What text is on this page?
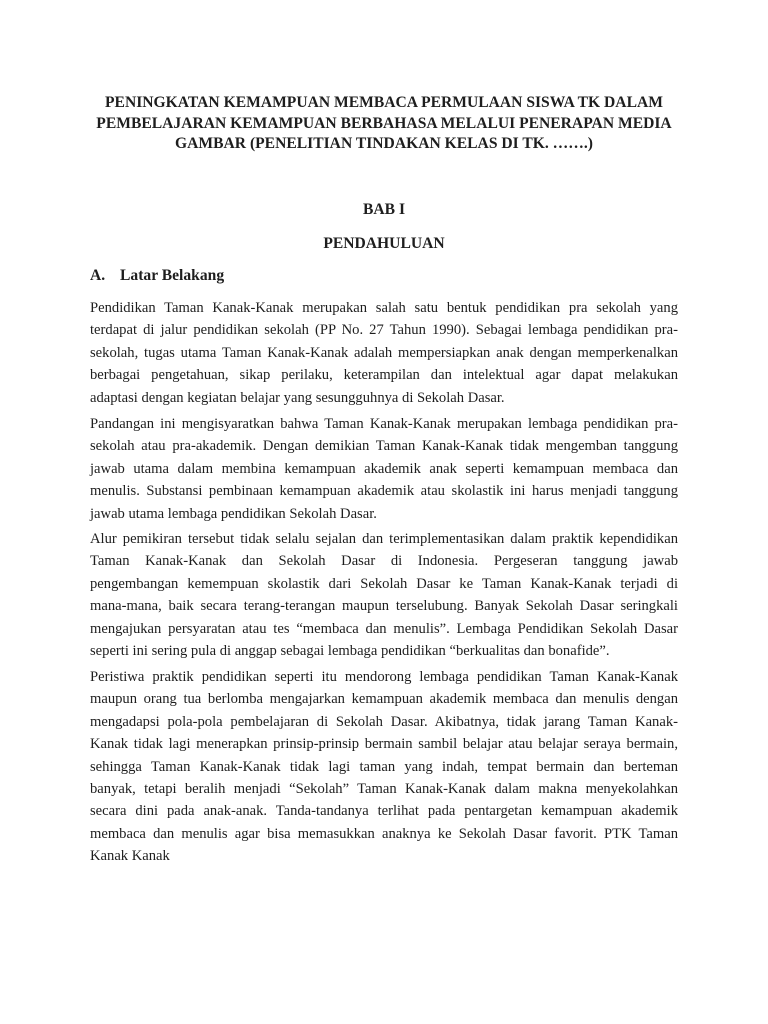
PENINGKATAN KEMAMPUAN MEMBACA PERMULAAN SISWA TK DALAM
PEMBELAJARAN KEMAMPUAN BERBAHASA MELALUI PENERAPAN MEDIA
GAMBAR (PENELITIAN TINDAKAN KELAS DI TK. …….)
BAB I
PENDAHULUAN
A. Latar Belakang
Pendidikan Taman Kanak-Kanak merupakan salah satu bentuk pendidikan pra sekolah yang
terdapat di jalur pendidikan sekolah (PP No. 27 Tahun 1990). Sebagai lembaga pendidikan pra-
sekolah, tugas utama Taman Kanak-Kanak adalah mempersiapkan anak dengan memperkenalkan
berbagai pengetahuan, sikap perilaku, keterampilan dan intelektual agar dapat melakukan
adaptasi dengan kegiatan belajar yang sesungguhnya di Sekolah Dasar.
Pandangan ini mengisyaratkan bahwa Taman Kanak-Kanak merupakan lembaga pendidikan pra-
sekolah atau pra-akademik. Dengan demikian Taman Kanak-Kanak tidak mengemban tanggung
jawab utama dalam membina kemampuan akademik anak seperti kemampuan membaca dan
menulis. Substansi pembinaan kemampuan akademik atau skolastik ini harus menjadi tanggung
jawab utama lembaga pendidikan Sekolah Dasar.
Alur pemikiran tersebut tidak selalu sejalan dan terimplementasikan dalam praktik kependidikan
Taman Kanak-Kanak dan Sekolah Dasar di Indonesia. Pergeseran tanggung jawab
pengembangan kemempuan skolastik dari Sekolah Dasar ke Taman Kanak-Kanak terjadi di
mana-mana, baik secara terang-terangan maupun terselubung. Banyak Sekolah Dasar seringkali
mengajukan persyaratan atau tes “membaca dan menulis”. Lembaga Pendidikan Sekolah Dasar
seperti ini sering pula di anggap sebagai lembaga pendidikan “berkualitas dan bonafide”.
Peristiwa praktik pendidikan seperti itu mendorong lembaga pendidikan Taman Kanak-Kanak
maupun orang tua berlomba mengajarkan kemampuan akademik membaca dan menulis dengan
mengadapsi pola-pola pembelajaran di Sekolah Dasar. Akibatnya, tidak jarang Taman Kanak-
Kanak tidak lagi menerapkan prinsip-prinsip bermain sambil belajar atau belajar seraya bermain,
sehingga Taman Kanak-Kanak tidak lagi taman yang indah, tempat bermain dan berteman
banyak, tetapi beralih menjadi “Sekolah” Taman Kanak-Kanak dalam makna menyekolahkan
secara dini pada anak-anak. Tanda-tandanya terlihat pada pentargetan kemampuan akademik
membaca dan menulis agar bisa memasukkan anaknya ke Sekolah Dasar favorit. PTK Taman
Kanak Kanak
